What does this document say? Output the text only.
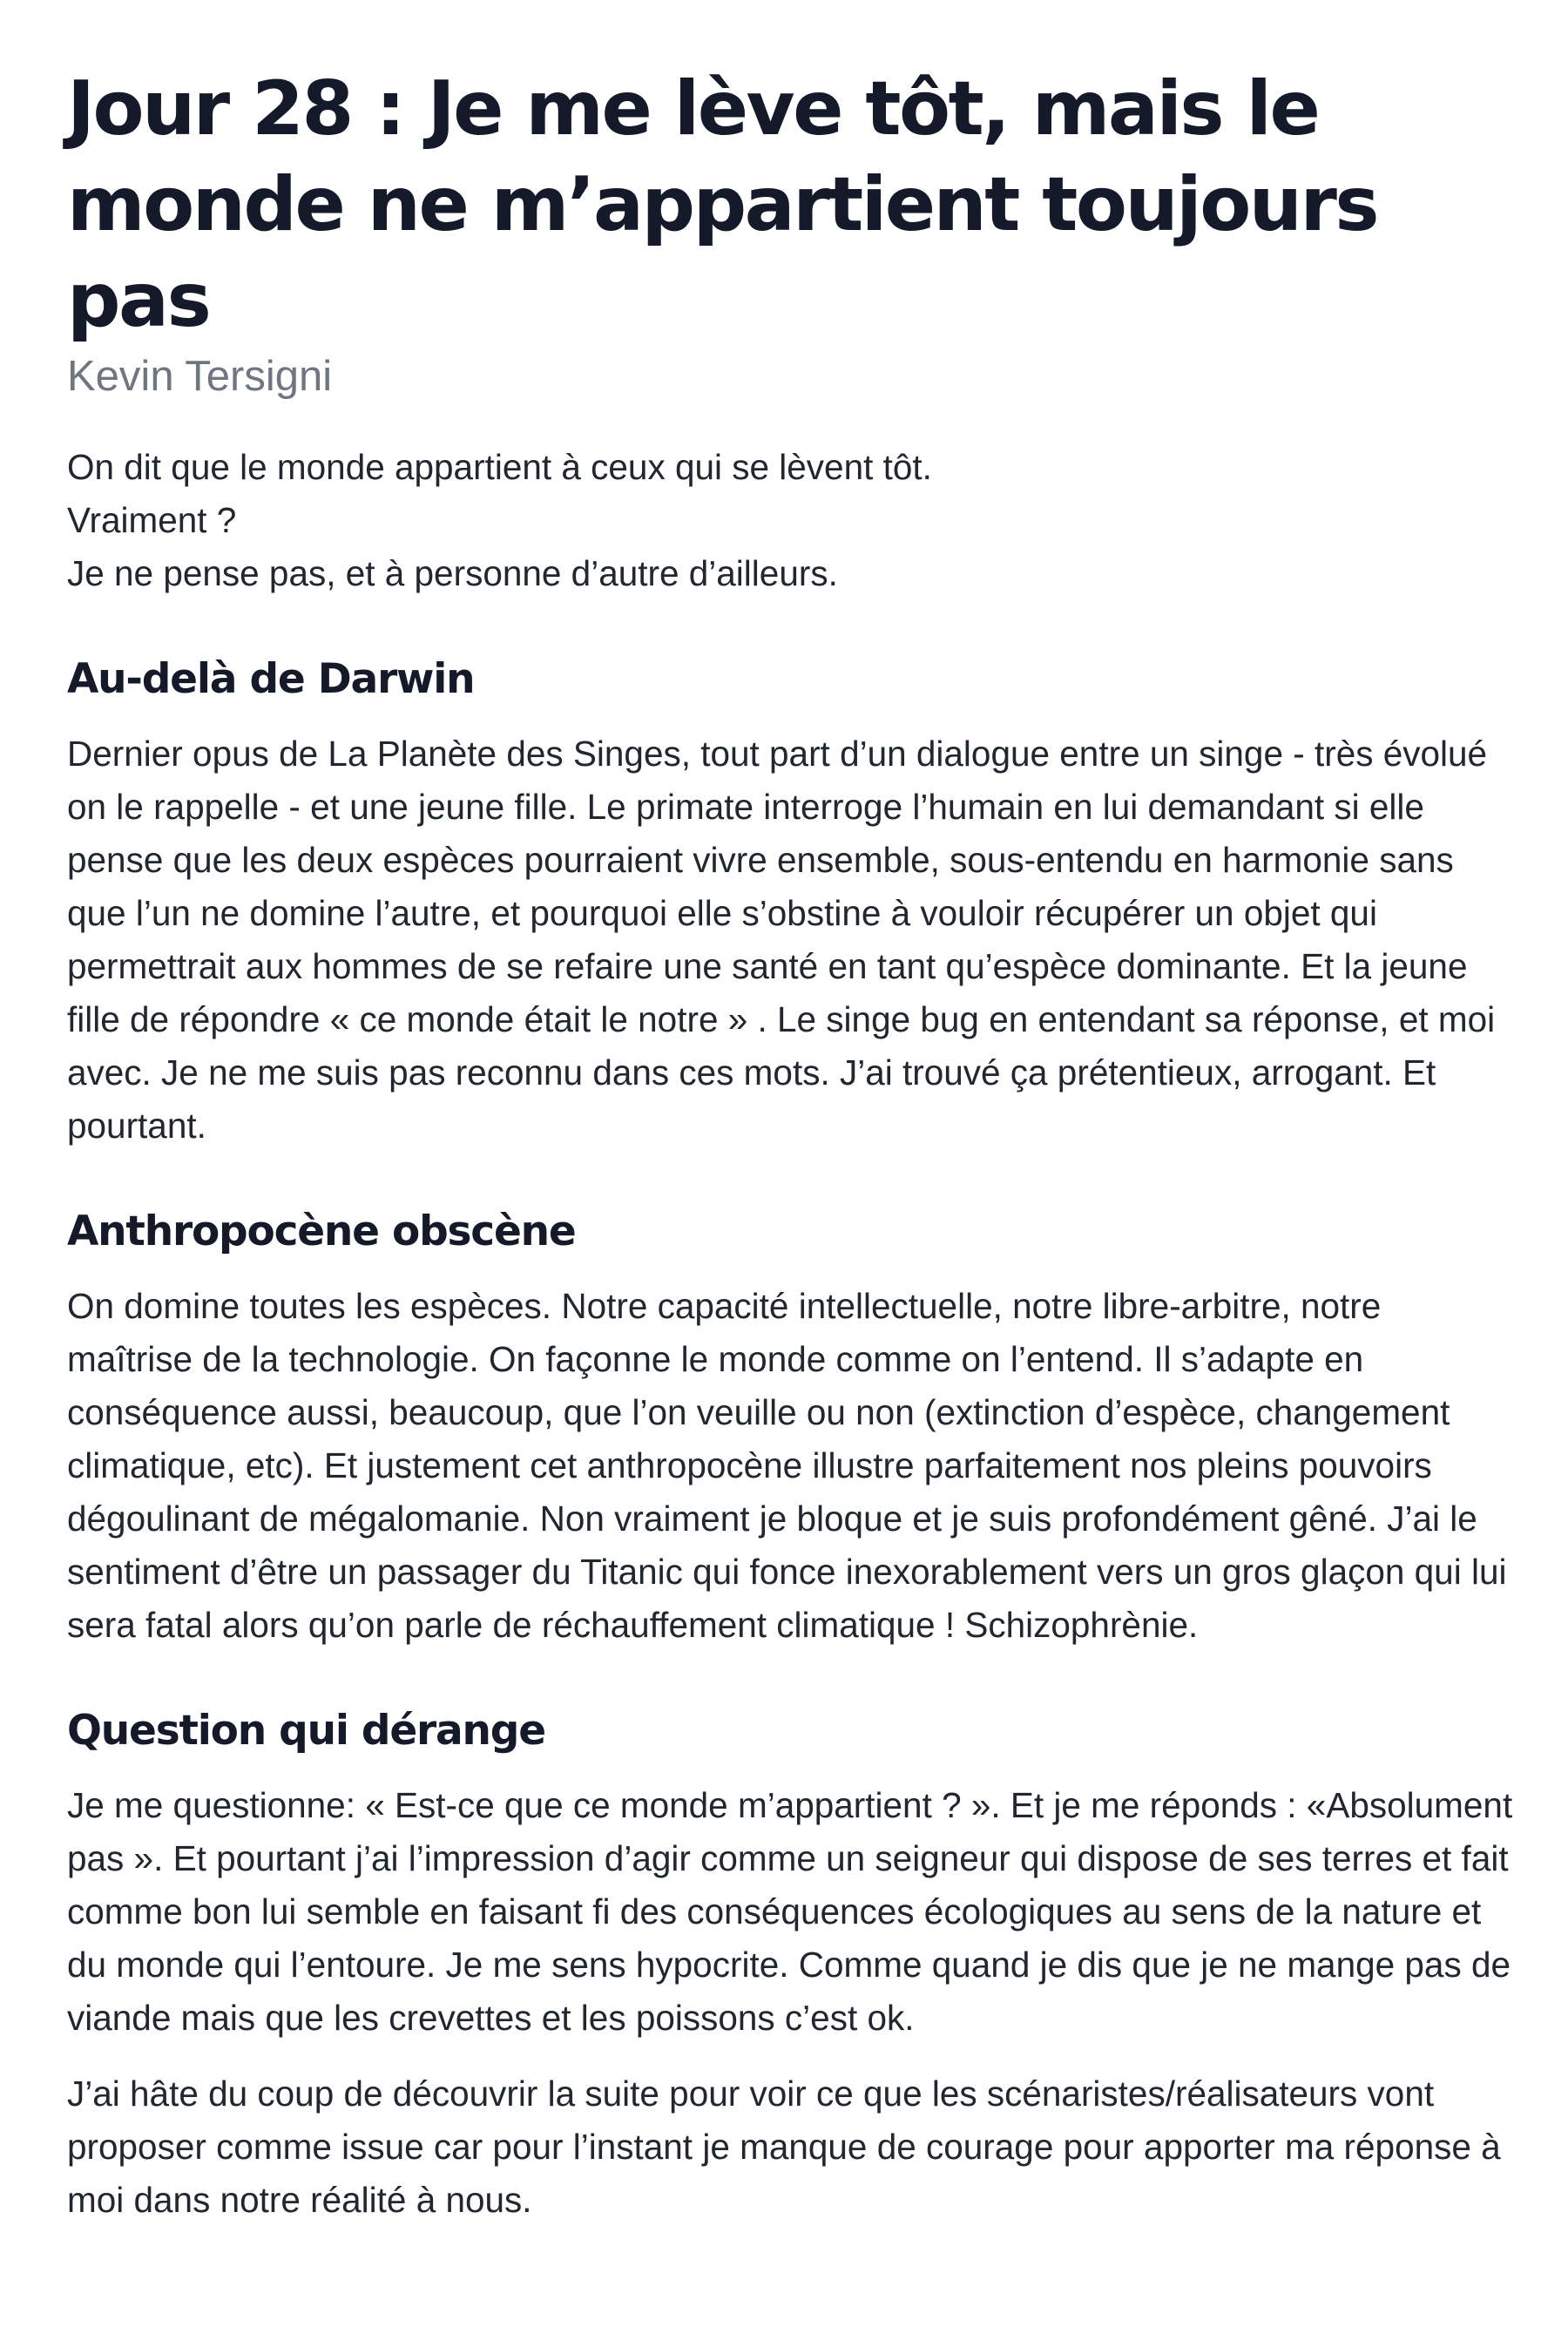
Jour 28 : Je me lève tôt, mais le monde ne m’appartient toujours pas

Kevin Tersigni

On dit que le monde appartient à ceux qui se lèvent tôt.
Vraiment ?
Je ne pense pas, et à personne d’autre d’ailleurs.

Au-delà de Darwin

Dernier opus de La Planète des Singes, tout part d’un dialogue entre un singe - très évolué on le rappelle - et une jeune fille. Le primate interroge l’humain en lui demandant si elle pense que les deux espèces pourraient vivre ensemble, sous-entendu en harmonie sans que l’un ne domine l’autre, et pourquoi elle s’obstine à vouloir récupérer un objet qui permettrait aux hommes de se refaire une santé en tant qu’espèce dominante. Et la jeune fille de répondre « ce monde était le notre » . Le singe bug en entendant sa réponse, et moi avec. Je ne me suis pas reconnu dans ces mots. J’ai trouvé ça prétentieux, arrogant. Et pourtant.

Anthropocène obscène

On domine toutes les espèces. Notre capacité intellectuelle, notre libre-arbitre, notre maîtrise de la technologie. On façonne le monde comme on l’entend. Il s’adapte en conséquence aussi, beaucoup, que l’on veuille ou non (extinction d’espèce, changement climatique, etc). Et justement cet anthropocène illustre parfaitement nos pleins pouvoirs dégoulinant de mégalomanie. Non vraiment je bloque et je suis profondément gêné. J’ai le sentiment d’être un passager du Titanic qui fonce inexorablement vers un gros glaçon qui lui sera fatal alors qu’on parle de réchauffement climatique ! Schizophrènie.

Question qui dérange

Je me questionne: « Est-ce que ce monde m’appartient ? ». Et je me réponds : «Absolument pas ». Et pourtant j’ai l’impression d’agir comme un seigneur qui dispose de ses terres et fait comme bon lui semble en faisant fi des conséquences écologiques au sens de la nature et du monde qui l’entoure. Je me sens hypocrite. Comme quand je dis que je ne mange pas de viande mais que les crevettes et les poissons c’est ok.

J’ai hâte du coup de découvrir la suite pour voir ce que les scénaristes/réalisateurs vont proposer comme issue car pour l’instant je manque de courage pour apporter ma réponse à moi dans notre réalité à nous.
